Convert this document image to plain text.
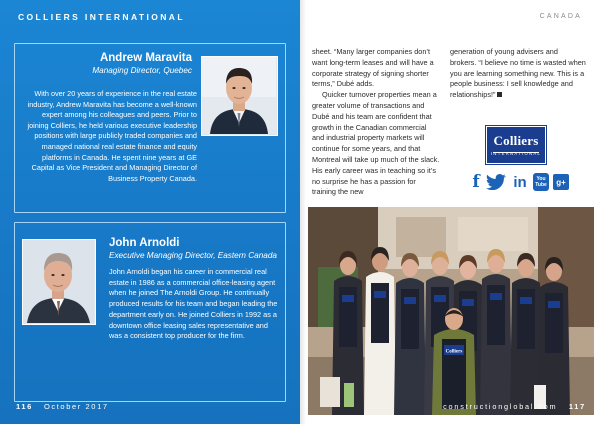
COLLIERS INTERNATIONAL
Andrew Maravita
Managing Director, Quebec
With over 20 years of experience in the real estate industry, Andrew Maravita has become a well-known expert among his colleagues and peers. Prior to joining Colliers, he held various executive leadership positions with large publicly traded companies and managed national real estate finance and equity platforms in Canada. He spent nine years at GE Capital as Vice President and Managing Director of Business Property Canada.
John Arnoldi
Executive Managing Director, Eastern Canada
John Arnoldi began his career in commercial real estate in 1986 as a commercial office-leasing agent when he joined The Arnoldi Group. He continually produced results for his team and began leading the department early on. He joined Colliers in 1992 as a downtown office leasing sales representative and was a consistent top producer for the firm.
116 October 2017
CANADA

sheet. “Many larger companies don’t want long-term leases and will have a corporate strategy of signing shorter terms,” Dubé adds.

Quicker turnover properties mean a greater volume of transactions and Dubé and his team are confident that growth in the Canadian commercial and industrial property markets will continue for some years, and that Montreal will take up much of the slack. His early career was in teaching so it’s no surprise he has a passion for training the new

generation of young advisers and brokers. “I believe no time is wasted when you are learning something new. This is a people business: I sell knowledge and relationships!”

Colliers
INTERNATIONAL
f in	You
Tube	g+
Colliers
constructionglobal.com 117
